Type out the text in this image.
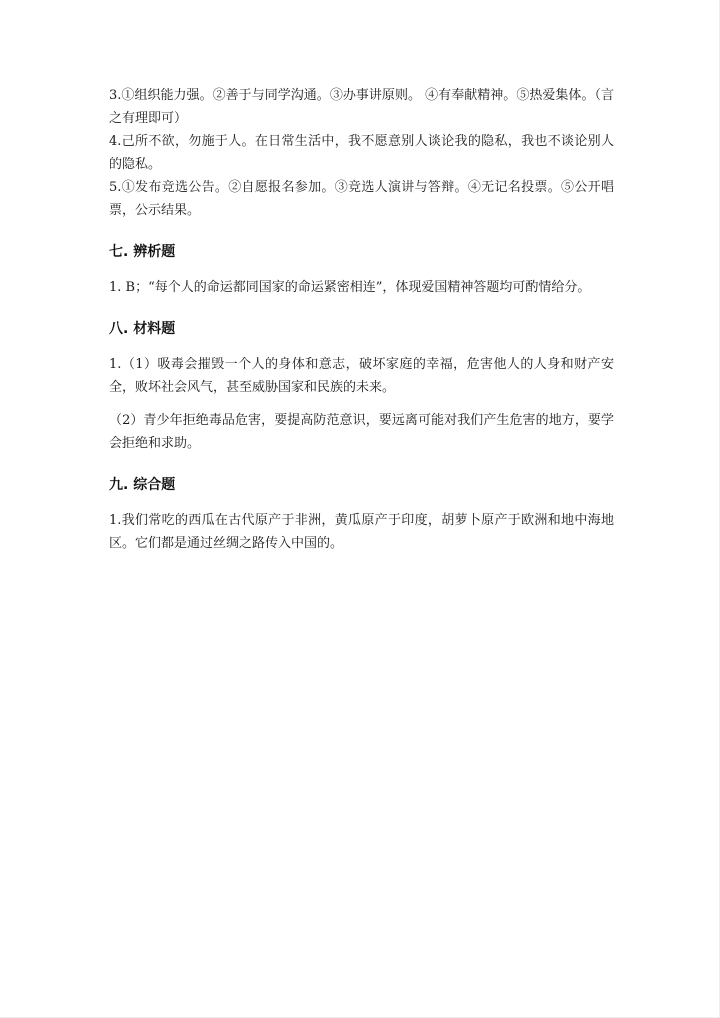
3.①组织能力强。②善于与同学沟通。③办事讲原则。 ④有奉献精神。⑤热爱集体。（言之有理即可）

4.己所不欲，勿施于人。在日常生活中，我不愿意别人谈论我的隐私，我也不谈论别人的隐私。

5.①发布竞选公告。②自愿报名参加。③竞选人演讲与答辩。④无记名投票。⑤公开唱票，公示结果。

七. 辨析题

1. B；“每个人的命运都同国家的命运紧密相连”，体现爱国精神答题均可酌情给分。

八. 材料题

1.（1）吸毒会摧毁一个人的身体和意志，破坏家庭的幸福，危害他人的人身和财产安全，败坏社会风气，甚至威胁国家和民族的未来。

（2）青少年拒绝毒品危害，要提高防范意识，要远离可能对我们产生危害的地方，要学会拒绝和求助。

九. 综合题

1.我们常吃的西瓜在古代原产于非洲，黄瓜原产于印度，胡萝卜原产于欧洲和地中海地区。它们都是通过丝绸之路传入中国的。
